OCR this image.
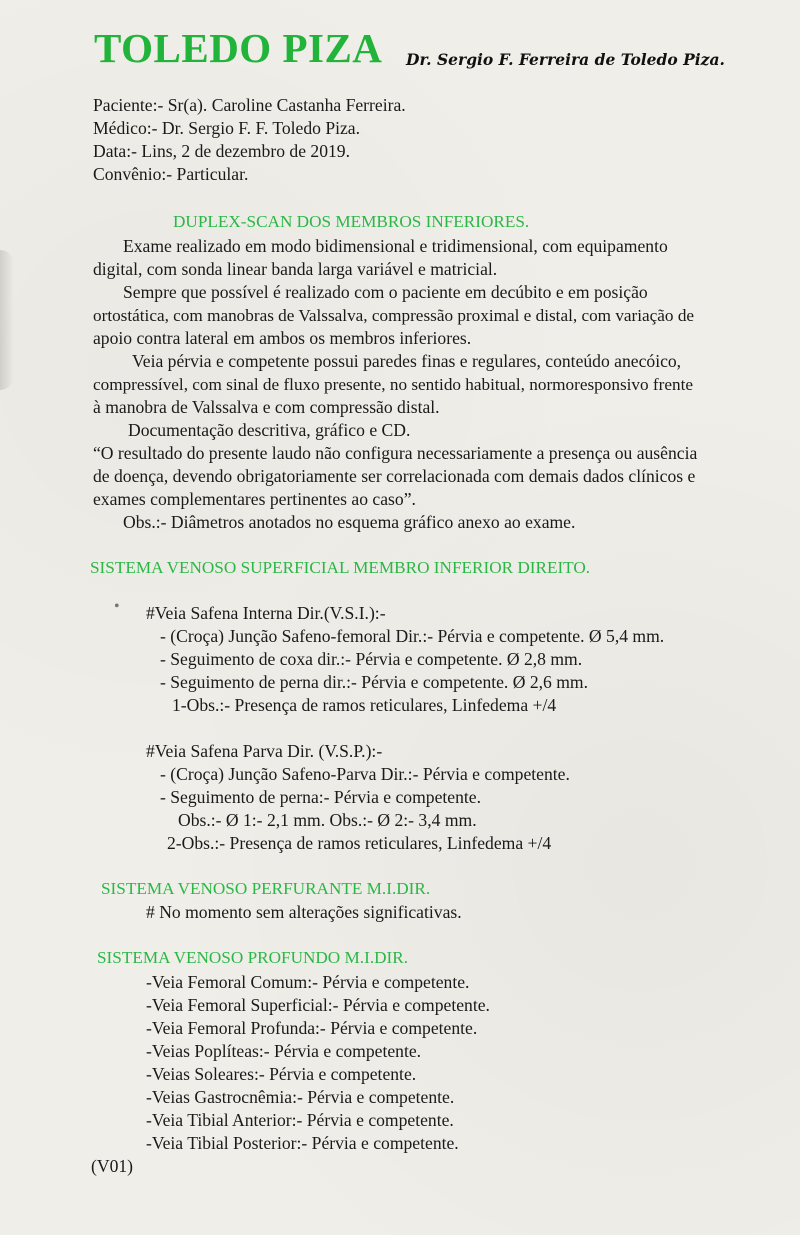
TOLEDO PIZA Dr. Sergio F. Ferreira de Toledo Piza.
Paciente:- Sr(a). Caroline Castanha Ferreira.
Médico:- Dr. Sergio F. F. Toledo Piza.
Data:- Lins, 2 de dezembro de 2019.
Convênio:- Particular.
DUPLEX-SCAN DOS MEMBROS INFERIORES.
Exame realizado em modo bidimensional e tridimensional, com equipamento
digital, com sonda linear banda larga variável e matricial.
Sempre que possível é realizado com o paciente em decúbito e em posição
ortostática, com manobras de Valssalva, compressão proximal e distal, com variação de
apoio contra lateral em ambos os membros inferiores.
Veia pérvia e competente possui paredes finas e regulares, conteúdo anecóico,
compressível, com sinal de fluxo presente, no sentido habitual, normoresponsivo frente
à manobra de Valssalva e com compressão distal.
Documentação descritiva, gráfico e CD.
“O resultado do presente laudo não configura necessariamente a presença ou ausência
de doença, devendo obrigatoriamente ser correlacionada com demais dados clínicos e
exames complementares pertinentes ao caso”.
Obs.:- Diâmetros anotados no esquema gráfico anexo ao exame.
SISTEMA VENOSO SUPERFICIAL MEMBRO INFERIOR DIREITO.
• #Veia Safena Interna Dir.(V.S.I.):-
- (Croça) Junção Safeno-femoral Dir.:- Pérvia e competente. Ø 5,4 mm.
- Seguimento de coxa dir.:- Pérvia e competente. Ø 2,8 mm.
- Seguimento de perna dir.:- Pérvia e competente. Ø 2,6 mm.
1-Obs.:- Presença de ramos reticulares, Linfedema +/4
#Veia Safena Parva Dir. (V.S.P.):-
- (Croça) Junção Safeno-Parva Dir.:- Pérvia e competente.
- Seguimento de perna:- Pérvia e competente.
Obs.:- Ø 1:- 2,1 mm. Obs.:- Ø 2:- 3,4 mm.
2-Obs.:- Presença de ramos reticulares, Linfedema +/4
SISTEMA VENOSO PERFURANTE M.I.DIR.
# No momento sem alterações significativas.
SISTEMA VENOSO PROFUNDO M.I.DIR.
-Veia Femoral Comum:- Pérvia e competente.
-Veia Femoral Superficial:- Pérvia e competente.
-Veia Femoral Profunda:- Pérvia e competente.
-Veias Poplíteas:- Pérvia e competente.
-Veias Soleares:- Pérvia e competente.
-Veias Gastrocnêmia:- Pérvia e competente.
-Veia Tibial Anterior:- Pérvia e competente.
-Veia Tibial Posterior:- Pérvia e competente.
(V01)
